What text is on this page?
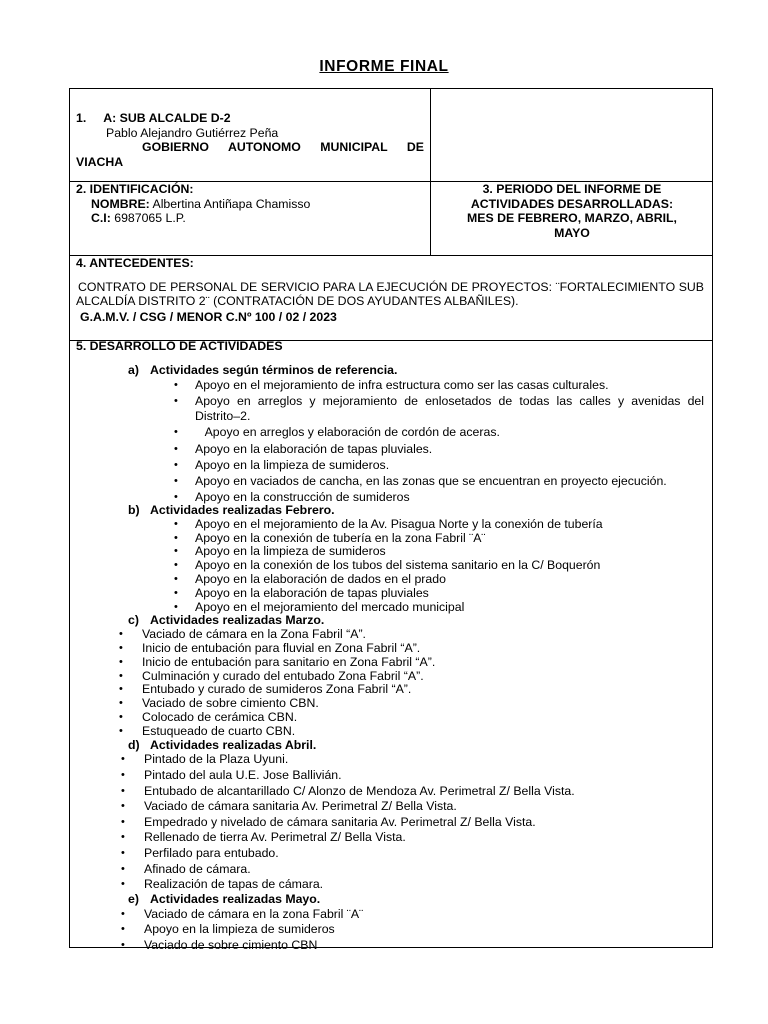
INFORME FINAL
1. A: SUB ALCALDE D-2
Pablo Alejandro Gutiérrez Peña
GOBIERNO AUTONOMO MUNICIPAL DE
VIACHA
2. IDENTIFICACIÓN:
NOMBRE: Albertina Antiñapa Chamisso
C.I: 6987065 L.P.
3. PERIODO DEL INFORME DE
ACTIVIDADES DESARROLLADAS:
MES DE FEBRERO, MARZO, ABRIL,
MAYO
4. ANTECEDENTES:
CONTRATO DE PERSONAL DE SERVICIO PARA LA EJECUCIÓN DE PROYECTOS: ¨FORTALECIMIENTO SUB ALCALDÍA DISTRITO 2¨ (CONTRATACIÓN DE DOS AYUDANTES ALBAÑILES).
G.A.M.V. / CSG / MENOR C.Nº 100 / 02 / 2023
5. DESARROLLO DE ACTIVIDADES
a) Actividades según términos de referencia.
• Apoyo en el mejoramiento de infra estructura como ser las casas culturales.
• Apoyo en arreglos y mejoramiento de enlosetados de todas las calles y avenidas del Distrito–2.
•    Apoyo en arreglos y elaboración de cordón de aceras.
• Apoyo en la elaboración de tapas pluviales.
• Apoyo en la limpieza de sumideros.
• Apoyo en vaciados de cancha, en las zonas que se encuentran en proyecto ejecución.
• Apoyo en la construcción de sumideros
b) Actividades realizadas Febrero.
• Apoyo en el mejoramiento de la Av. Pisagua Norte y la conexión de tubería
• Apoyo en la conexión de tubería en la zona Fabril ¨A¨
• Apoyo en la limpieza de sumideros
• Apoyo en la conexión de los tubos del sistema sanitario en la C/ Boquerón
• Apoyo en la elaboración de dados en el prado
• Apoyo en la elaboración de tapas pluviales
• Apoyo en el mejoramiento del mercado municipal
c) Actividades realizadas Marzo.
• Vaciado de cámara en la Zona Fabril “A”.
• Inicio de entubación para fluvial en Zona Fabril “A”.
• Inicio de entubación para sanitario en Zona Fabril “A”.
• Culminación y curado del entubado Zona Fabril “A”.
• Entubado y curado de sumideros Zona Fabril “A”.
• Vaciado de sobre cimiento CBN.
• Colocado de cerámica CBN.
• Estuqueado de cuarto CBN.
d) Actividades realizadas Abril.
• Pintado de la Plaza Uyuni.
• Pintado del aula U.E. Jose Ballivián.
• Entubado de alcantarillado C/ Alonzo de Mendoza Av. Perimetral Z/ Bella Vista.
• Vaciado de cámara sanitaria Av. Perimetral Z/ Bella Vista.
• Empedrado y nivelado de cámara sanitaria Av. Perimetral Z/ Bella Vista.
• Rellenado de tierra Av. Perimetral Z/ Bella Vista.
• Perfilado para entubado.
• Afinado de cámara.
• Realización de tapas de cámara.
e) Actividades realizadas Mayo.
• Vaciado de cámara en la zona Fabril ¨A¨
• Apoyo en la limpieza de sumideros
• Vaciado de sobre cimiento CBN
